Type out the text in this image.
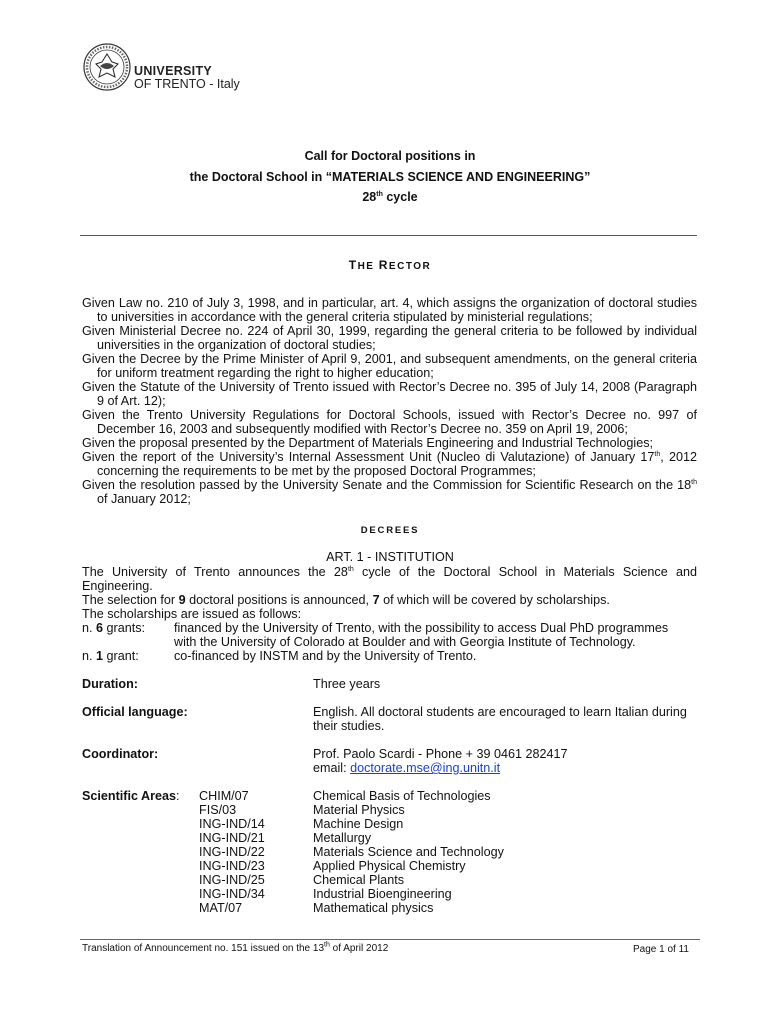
UNIVERSITY
OF TRENTO - Italy
Call for Doctoral positions in
the Doctoral School in “MATERIALS SCIENCE AND ENGINEERING”
28th cycle
THE RECTOR

Given Law no. 210 of July 3, 1998, and in particular, art. 4, which assigns the organization of doctoral studies to universities in accordance with the general criteria stipulated by ministerial regulations;

Given Ministerial Decree no. 224 of April 30, 1999, regarding the general criteria to be followed by individual universities in the organization of doctoral studies;

Given the Decree by the Prime Minister of April 9, 2001, and subsequent amendments, on the general criteria for uniform treatment regarding the right to higher education;

Given the Statute of the University of Trento issued with Rector’s Decree no. 395 of July 14, 2008 (Paragraph 9 of Art. 12);

Given the Trento University Regulations for Doctoral Schools, issued with Rector’s Decree no. 997 of December 16, 2003 and subsequently modified with Rector’s Decree no. 359 on April 19, 2006;

Given the proposal presented by the Department of Materials Engineering and Industrial Technologies;

Given the report of the University’s Internal Assessment Unit (Nucleo di Valutazione) of January 17th, 2012 concerning the requirements to be met by the proposed Doctoral Programmes;

Given the resolution passed by the University Senate and the Commission for Scientific Research on the 18th of January 2012;

DECREES
ART. 1 - INSTITUTION

The University of Trento announces the 28th cycle of the Doctoral School in Materials Science and Engineering.

The selection for 9 doctoral positions is announced, 7 of which will be covered by scholarships.

The scholarships are issued as follows:

n. 6 grants: financed by the University of Trento, with the possibility to access Dual PhD programmes
with the University of Colorado at Boulder and with Georgia Institute of Technology.
n. 1 grant:	co-financed by INSTM and by the University of Trento.
Duration:	Three years
Official language:	English. All doctoral students are encouraged to learn Italian during
their studies.
Coordinator:	Prof. Paolo Scardi - Phone + 39 0461 282417
email: doctorate.mse@ing.unitn.it
Scientific Areas: CHIM/07	Chemical Basis of Technologies
FIS/03	Material Physics
ING-IND/14	Machine Design
ING-IND/21	Metallurgy
ING-IND/22	Materials Science and Technology
ING-IND/23	Applied Physical Chemistry
ING-IND/25	Chemical Plants
ING-IND/34	Industrial Bioengineering
MAT/07	Mathematical physics
Translation of Announcement no. 151 issued on the 13th of April 2012	Page 1 of 11
